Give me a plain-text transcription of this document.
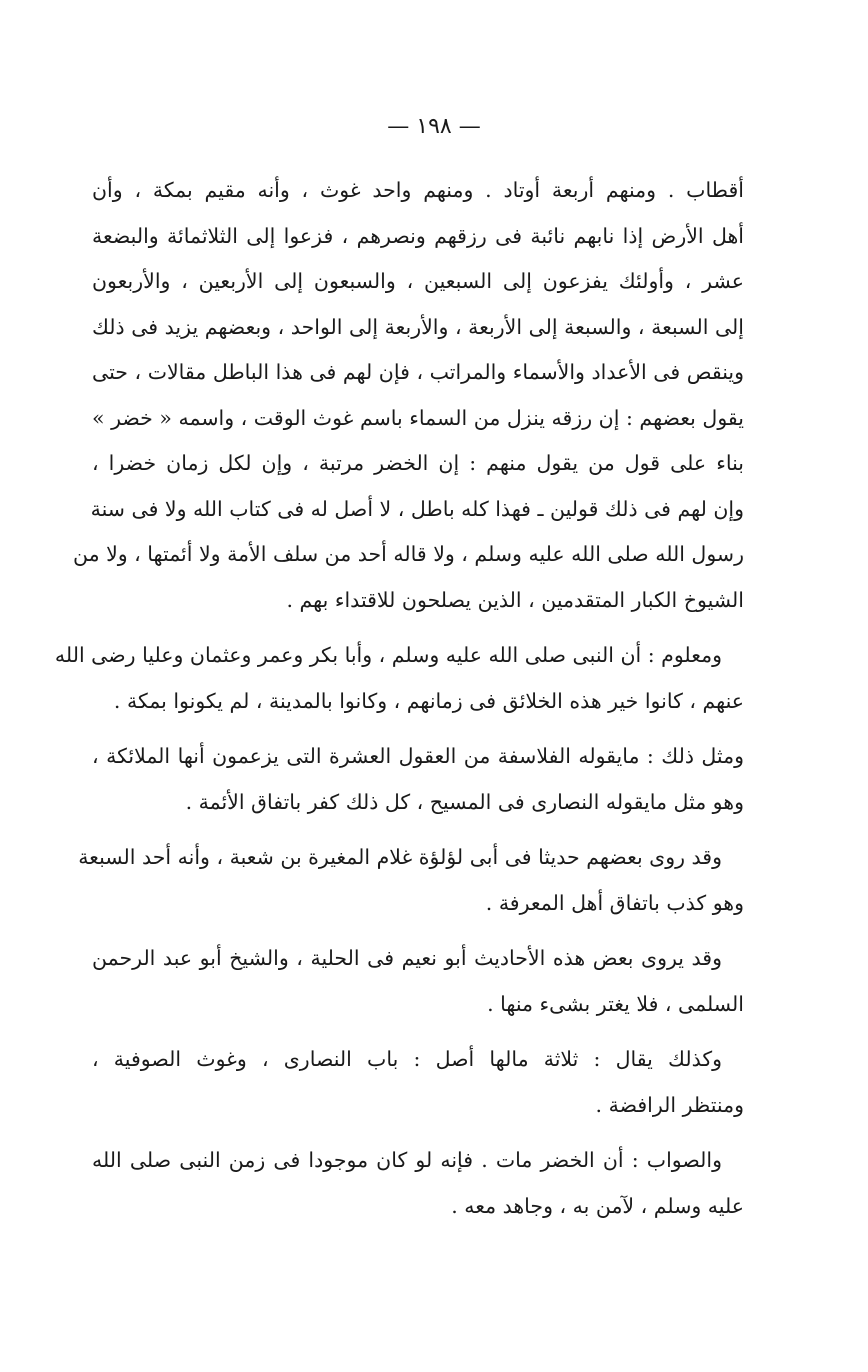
— ١٩٨ —
أقطاب . ومنهم أربعة أوتاد . ومنهم واحد غوث ، وأنه مقيم بمكة ، وأن
أهل الأرض إذا نابهم نائبة فى رزقهم ونصرهم ، فزعوا إلى الثلاثمائة والبضعة
عشر ، وأولئك يفزعون إلى السبعين ، والسبعون إلى الأربعين ، والأربعون
إلى السبعة ، والسبعة إلى الأربعة ، والأربعة إلى الواحد ، وبعضهم يزيد فى ذلك
وينقص فى الأعداد والأسماء والمراتب ، فإن لهم فى هذا الباطل مقالات ، حتى
يقول بعضهم : إن رزقه ينزل من السماء باسم غوث الوقت ، واسمه « خضر »
بناء على قول من يقول منهم : إن الخضر مرتبة ، وإن لكل زمان خضرا ،
وإن لهم فى ذلك قولين ـ فهذا كله باطل ، لا أصل له فى كتاب الله ولا فى سنة
رسول الله صلى الله عليه وسلم ، ولا قاله أحد من سلف الأمة ولا أئمتها ، ولا من
الشيوخ الكبار المتقدمين ، الذين يصلحون للاقتداء بهم .
ومعلوم : أن النبى صلى الله عليه وسلم ، وأبا بكر وعمر وعثمان وعليا رضى الله
عنهم ، كانوا خير هذه الخلائق فى زمانهم ، وكانوا بالمدينة ، لم يكونوا بمكة .
ومثل ذلك : مايقوله الفلاسفة من العقول العشرة التى يزعمون أنها الملائكة ،
وهو مثل مايقوله النصارى فى المسيح ، كل ذلك كفر باتفاق الأئمة .
وقد روى بعضهم حديثا فى أبى لؤلؤة غلام المغيرة بن شعبة ، وأنه أحد السبعة
وهو كذب باتفاق أهل المعرفة .
وقد يروى بعض هذه الأحاديث أبو نعيم فى الحلية ، والشيخ أبو عبد الرحمن
السلمى ، فلا يغتر بشىء منها .
وكذلك يقال : ثلاثة مالها أصل : باب النصارى ، وغوث الصوفية ،
ومنتظر الرافضة .
والصواب : أن الخضر مات . فإنه لو كان موجودا فى زمن النبى صلى الله
عليه وسلم ، لآمن به ، وجاهد معه .
